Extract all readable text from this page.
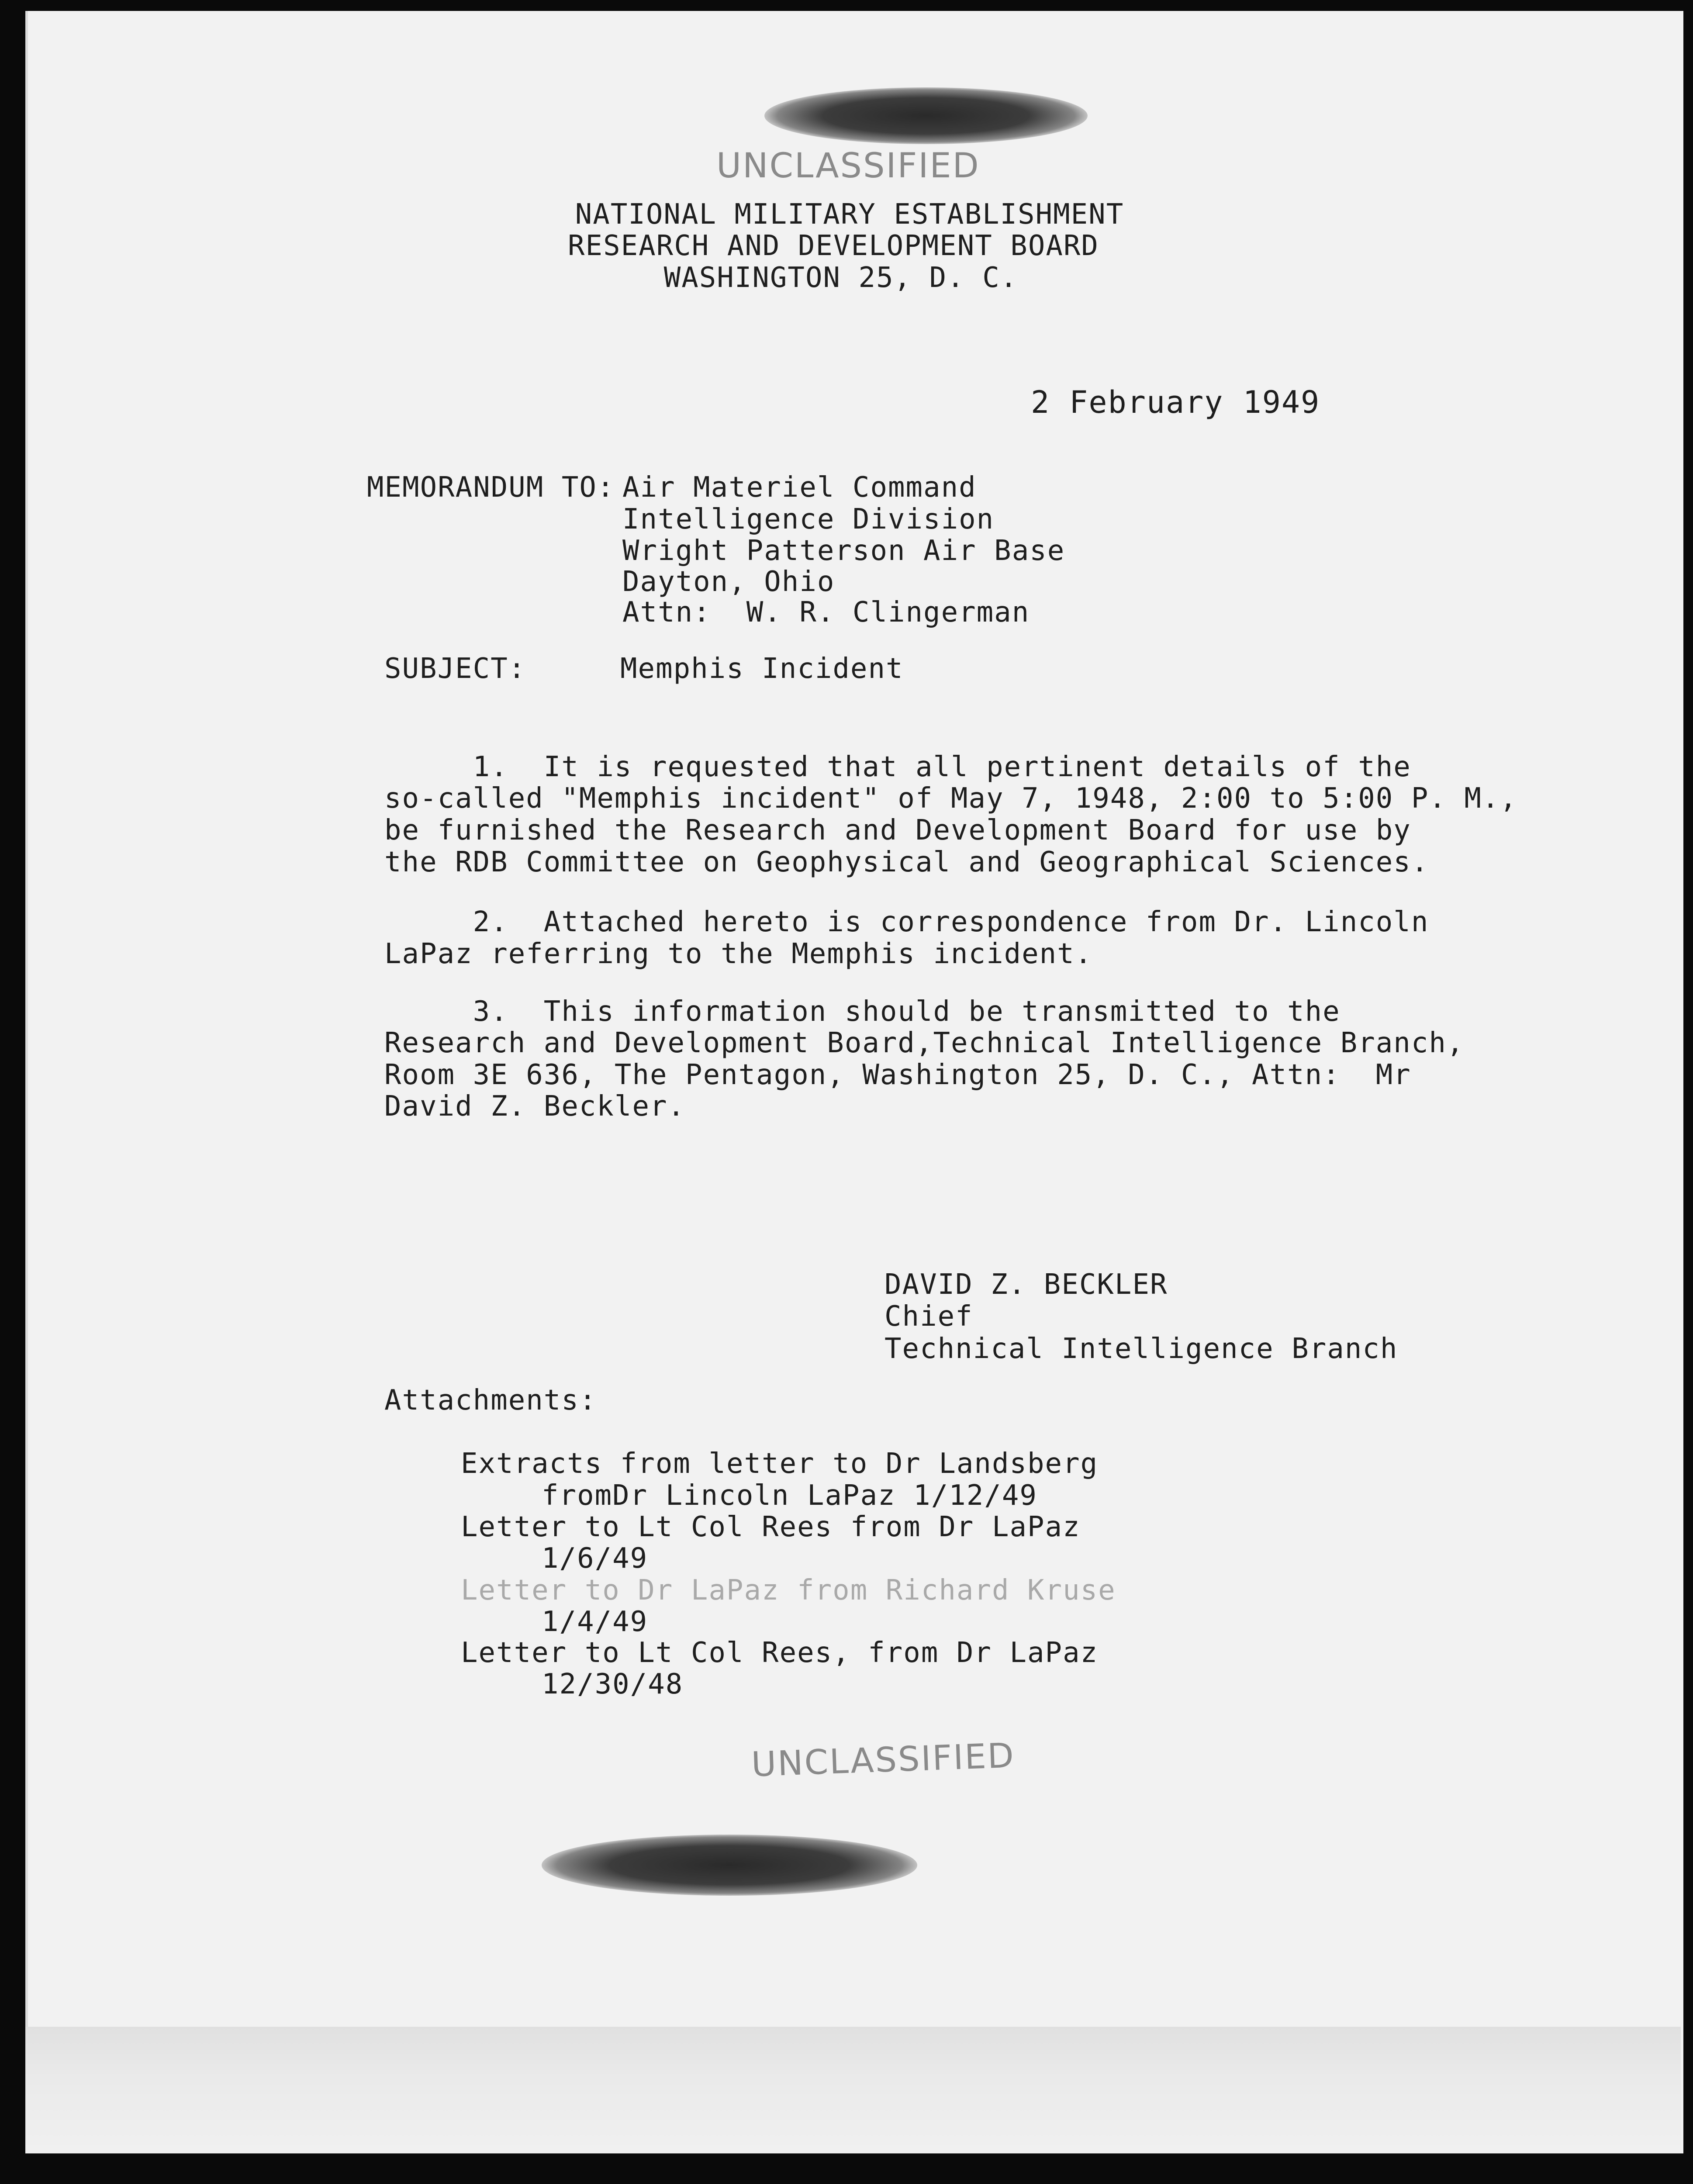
UNCLASSIFIED
NATIONAL MILITARY ESTABLISHMENT
RESEARCH AND DEVELOPMENT BOARD
WASHINGTON 25, D. C.
2 February 1949
MEMORANDUM TO: Air Materiel Command
Intelligence Division
Wright Patterson Air Base
Dayton, Ohio
Attn:  W. R. Clingerman
SUBJECT:	Memphis Incident
1.  It is requested that all pertinent details of the
so-called "Memphis incident" of May 7, 1948, 2:00 to 5:00 P. M.,
be furnished the Research and Development Board for use by
the RDB Committee on Geophysical and Geographical Sciences.
2.  Attached hereto is correspondence from Dr. Lincoln
LaPaz referring to the Memphis incident.
3.  This information should be transmitted to the
Research and Development Board,Technical Intelligence Branch,
Room 3E 636, The Pentagon, Washington 25, D. C., Attn:  Mr
David Z. Beckler.
DAVID Z. BECKLER
Chief
Technical Intelligence Branch
Attachments:
Extracts from letter to Dr Landsberg
fromDr Lincoln LaPaz 1/12/49
Letter to Lt Col Rees from Dr LaPaz
1/6/49
Letter to Dr LaPaz from Richard Kruse
1/4/49
Letter to Lt Col Rees, from Dr LaPaz
12/30/48
UNCLASSIFIED
